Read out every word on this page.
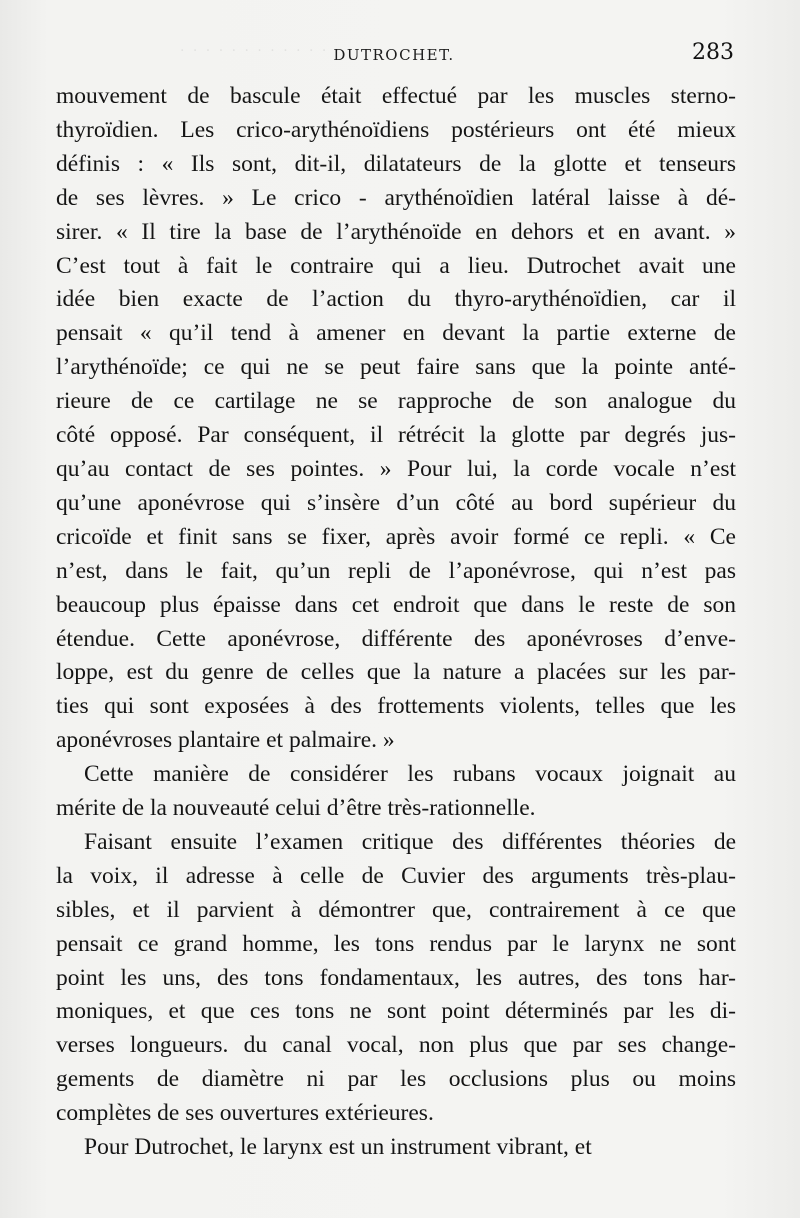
· · · · · · · · · · · · ·
DUTROCHET.	283
mouvement de bascule était effectué par les muscles sterno-
thyroïdien. Les crico-arythénoïdiens postérieurs ont été mieux
définis : « Ils sont, dit-il, dilatateurs de la glotte et tenseurs
de ses lèvres. » Le crico - arythénoïdien latéral laisse à dé-
sirer. « Il tire la base de l’arythénoïde en dehors et en avant. »
C’est tout à fait le contraire qui a lieu. Dutrochet avait une
idée bien exacte de l’action du thyro-arythénoïdien, car il
pensait « qu’il tend à amener en devant la partie externe de
l’arythénoïde; ce qui ne se peut faire sans que la pointe anté-
rieure de ce cartilage ne se rapproche de son analogue du
côté opposé. Par conséquent, il rétrécit la glotte par degrés jus-
qu’au contact de ses pointes. » Pour lui, la corde vocale n’est
qu’une aponévrose qui s’insère d’un côté au bord supérieur du
cricoïde et finit sans se fixer, après avoir formé ce repli. « Ce
n’est, dans le fait, qu’un repli de l’aponévrose, qui n’est pas
beaucoup plus épaisse dans cet endroit que dans le reste de son
étendue. Cette aponévrose, différente des aponévroses d’enve-
loppe, est du genre de celles que la nature a placées sur les par-
ties qui sont exposées à des frottements violents, telles que les
aponévroses plantaire et palmaire. »
Cette manière de considérer les rubans vocaux joignait au
mérite de la nouveauté celui d’être très-rationnelle.
Faisant ensuite l’examen critique des différentes théories de
la voix, il adresse à celle de Cuvier des arguments très-plau-
sibles, et il parvient à démontrer que, contrairement à ce que
pensait ce grand homme, les tons rendus par le larynx ne sont
point les uns, des tons fondamentaux, les autres, des tons har-
moniques, et que ces tons ne sont point déterminés par les di-
verses longueurs. du canal vocal, non plus que par ses change-
gements de diamètre ni par les occlusions plus ou moins
complètes de ses ouvertures extérieures.
Pour Dutrochet, le larynx est un instrument vibrant, et
